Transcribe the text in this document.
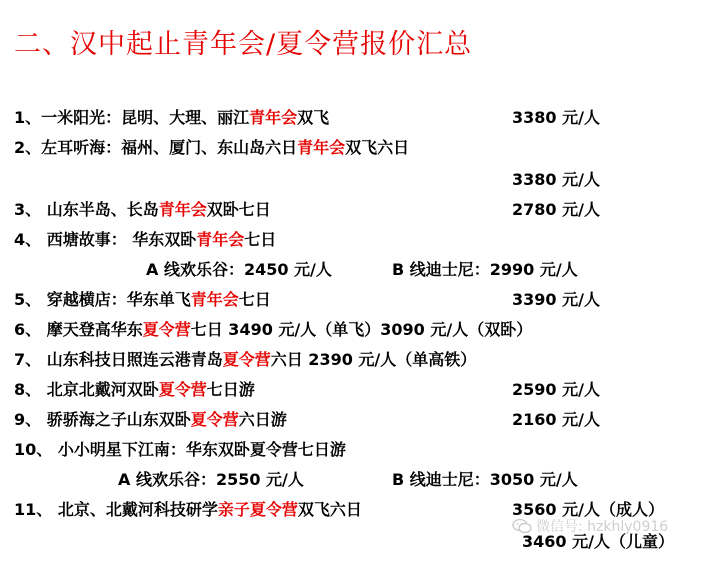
二、汉中起止青年会/夏令营报价汇总
1、一米阳光：昆明、大理、丽江青年会双飞	3380 元/人
2、左耳听海：福州、厦门、东山岛六日青年会双飞六日
3380 元/人
3、 山东半岛、长岛青年会双卧七日	2780 元/人
4、 西塘故事： 华东双卧青年会七日
A 线欢乐谷：2450 元/人	B 线迪士尼：2990 元/人
5、 穿越横店：华东单飞青年会七日	3390 元/人
6、 摩天登高华东夏令营七日 3490 元/人（单飞）3090 元/人（双卧）
7、 山东科技日照连云港青岛夏令营六日 2390 元/人（单高铁）
8、 北京北戴河双卧夏令营七日游	2590 元/人
9、 骄骄海之子山东双卧夏令营六日游	2160 元/人
10、 小小明星下江南：华东双卧夏令营七日游
A 线欢乐谷：2550 元/人	B 线迪士尼：3050 元/人
11、 北京、北戴河科技研学亲子夏令营双飞六日	3560 元/人（成人）
3460 元/人（儿童）
微信号: hzkhly0916
